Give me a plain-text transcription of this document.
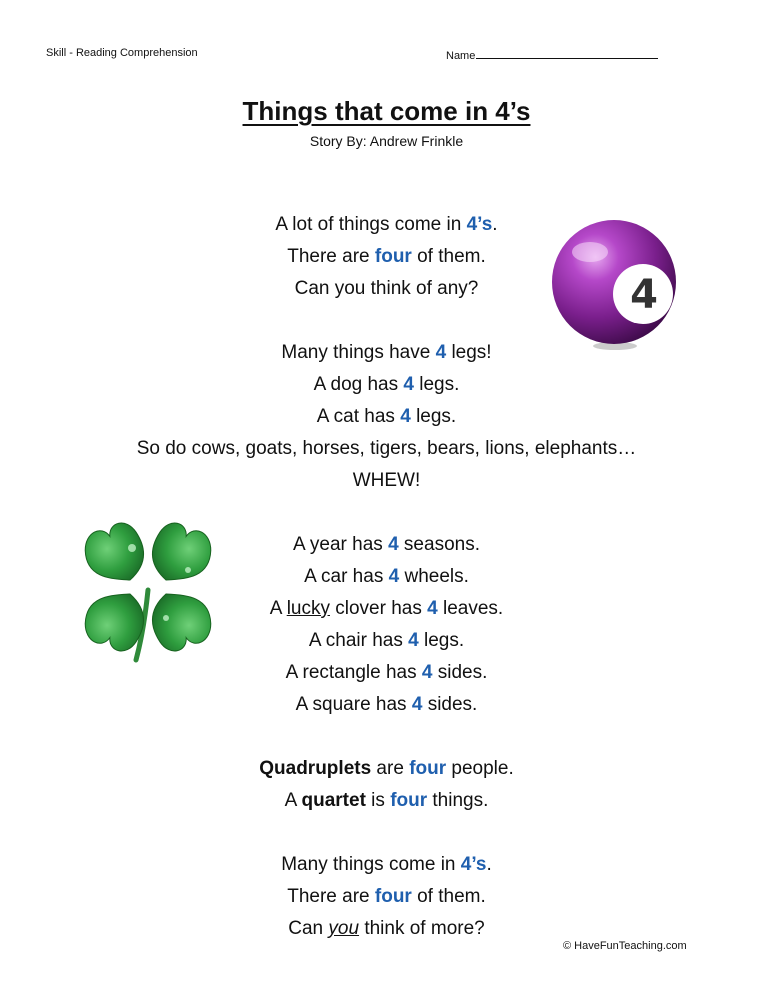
Skill - Reading Comprehension	Name
Things that come in 4’s
Story By: Andrew Frinkle
4
A lot of things come in 4’s.
There are four of them.
Can you think of any?
Many things have 4 legs!
A dog has 4 legs.
A cat has 4 legs.
So do cows, goats, horses, tigers, bears, lions, elephants…
WHEW!
A year has 4 seasons.
A car has 4 wheels.
A lucky clover has 4 leaves.
A chair has 4 legs.
A rectangle has 4 sides.
A square has 4 sides.
Quadruplets are four people.
A quartet is four things.
Many things come in 4’s.
There are four of them.
Can you think of more?
© HaveFunTeaching.com
